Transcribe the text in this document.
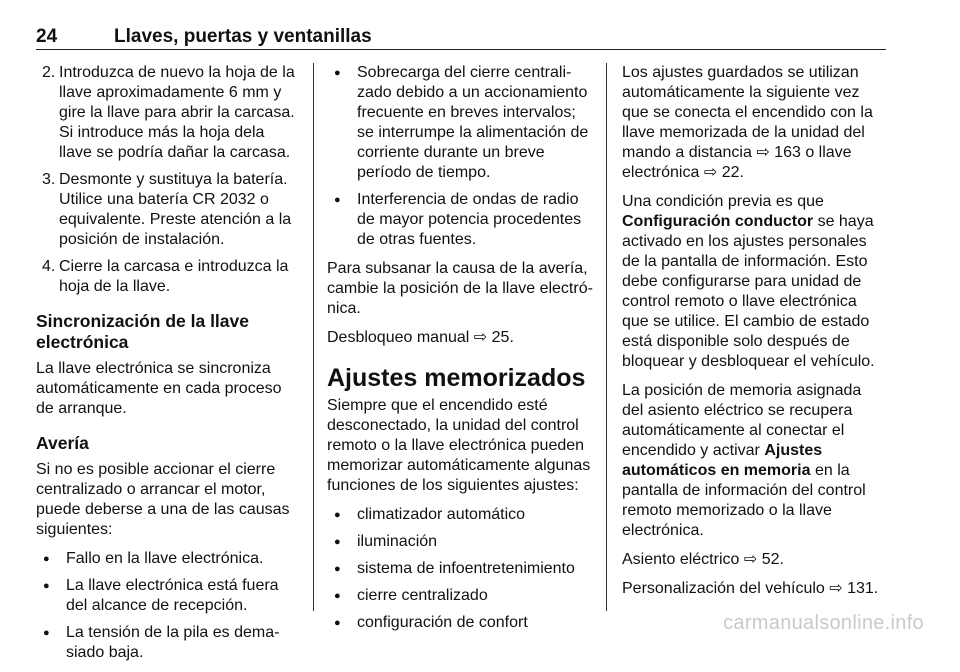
24	Llaves, puertas y ventanillas
2. Introduzca de nuevo la hoja de la llave aproximadamente 6 mm y gire la llave para abrir la carcasa. Si introduce más la hoja dela llave se podría dañar la carcasa.
3. Desmonte y sustituya la batería. Utilice una batería CR 2032 o equivalente. Preste atención a la posición de instalación.
4. Cierre la carcasa e introduzca la hoja de la llave.
Sincronización de la llave electrónica

La llave electrónica se sincroniza automáticamente en cada proceso de arranque.

Avería

Si no es posible accionar el cierre centralizado o arrancar el motor, puede deberse a una de las causas siguientes:

● Fallo en la llave electrónica.
● La llave electrónica está fuera del alcance de recepción.
● La tensión de la pila es demasiado baja.
● Sobrecarga del cierre centralizado debido a un accionamiento frecuente en breves intervalos; se interrumpe la alimentación de corriente durante un breve período de tiempo.
● Interferencia de ondas de radio de mayor potencia procedentes de otras fuentes.

Para subsanar la causa de la avería, cambie la posición de la llave electrónica.

Desbloqueo manual ⇨ 25.

Ajustes memorizados

Siempre que el encendido esté desconectado, la unidad del control remoto o la llave electrónica pueden memorizar automáticamente algunas funciones de los siguientes ajustes:

● climatizador automático
● iluminación
● sistema de infoentretenimiento
● cierre centralizado
● configuración de confort

Los ajustes guardados se utilizan automáticamente la siguiente vez que se conecta el encendido con la llave memorizada de la unidad del mando a distancia ⇨ 163 o llave electrónica ⇨ 22.

Una condición previa es que Configuración conductor se haya activado en los ajustes personales de la pantalla de información. Esto debe configurarse para unidad de control remoto o llave electrónica que se utilice. El cambio de estado está disponible solo después de bloquear y desbloquear el vehículo.

La posición de memoria asignada del asiento eléctrico se recupera automáticamente al conectar el encendido y activar Ajustes automáticos en memoria en la pantalla de información del control remoto memorizado o la llave electrónica.

Asiento eléctrico ⇨ 52.

Personalización del vehículo ⇨ 131.

carmanualsonline.info
